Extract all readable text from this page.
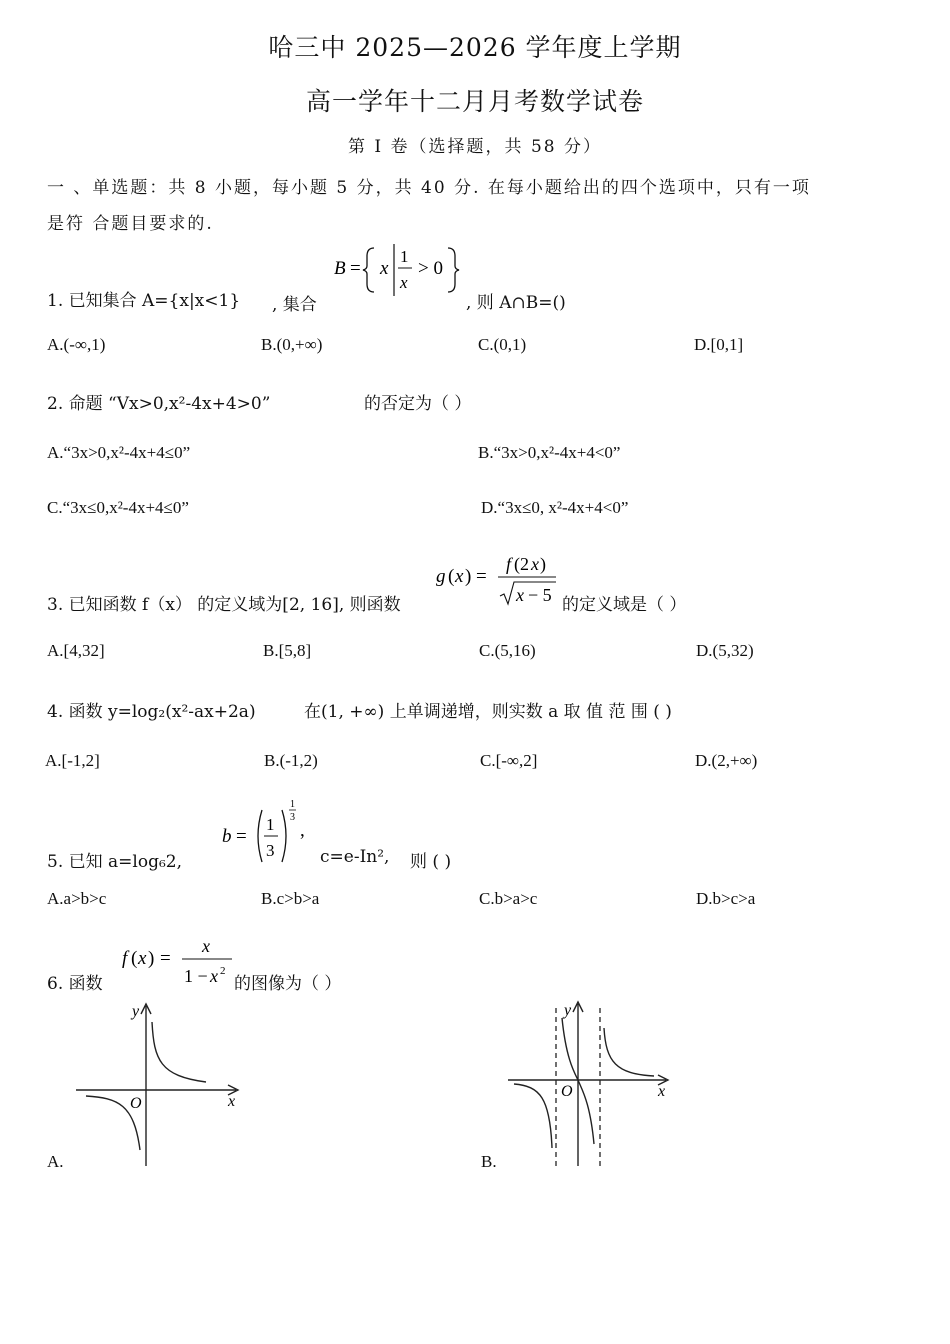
哈三中 2025—2026 学年度上学期
高一学年十二月月考数学试卷
第 I 卷（选择题，共 58 分）
一 、单选题：共 8 小题，每小题 5 分，共 40 分. 在每小题给出的四个选项中，只有一项
是符 合题目要求的.
1. 已知集合 A={x|x<1} , 集合
B = x
1
x
> 0
, 则 A∩B=()
A.(-∞,1)	B.(0,+∞)	C.(0,1)	D.[0,1]
2. 命题 “Vx>0,x²-4x+4>0”	的否定为（ ）
A.“3x>0,x²-4x+4≤0”	B.“3x>0,x²-4x+4<0”
C.“3x≤0,x²-4x+4≤0”	D.“3x≤0, x²-4x+4<0”
3. 已知函数 f（x） 的定义域为[2, 16], 则函数
g ( x ) =
f (2 x )
x − 5 的定义域是（ ）
A.[4,32]	B.[5,8]	C.(5,16)	D.(5,32)
4. 函数 y=log₂(x²-ax+2a)	在(1, +∞) 上单调递增，则实数 a 取 值 范 围 ( )
A.[-1,2]	B.(-1,2)	C.[-∞,2]	D.(2,+∞)
5. 已知 a=log₆2,
b =
1
3
1
3
,
c=e-In², 则 ( )
A.a>b>c	B.c>b>a	C.b>a>c	D.b>c>a
6. 函数
f ( x ) =
x
1 − x 2
的图像为（ ）
y
x
O
A.
y
x
O
B.
